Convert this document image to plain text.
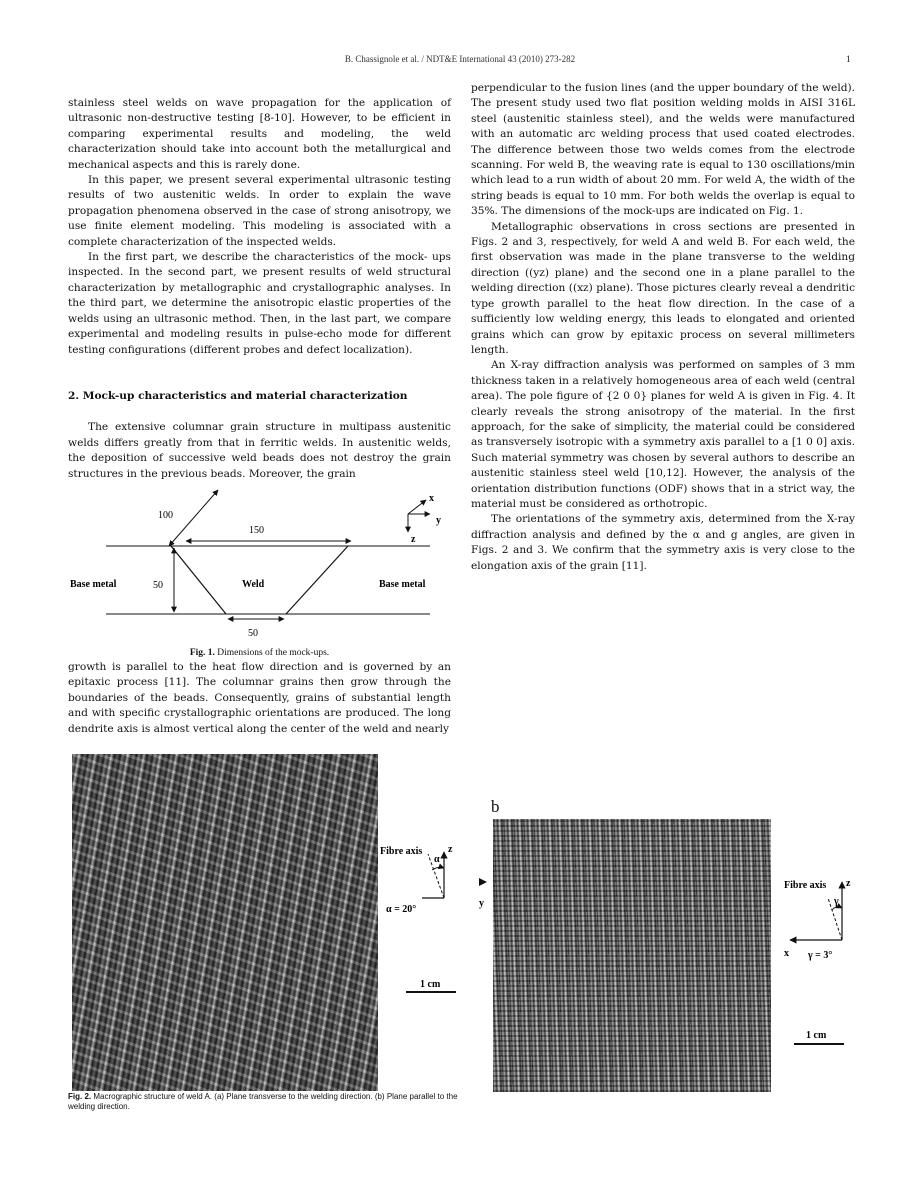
B. Chassignole et al. / NDT&E International 43 (2010) 273-282	1

stainless steel welds on wave propagation for the application of ultrasonic non-destructive testing [8-10]. However, to be efficient in comparing experimental results and modeling, the weld characterization should take into account both the metallurgical and mechanical aspects and this is rarely done.

In this paper, we present several experimental ultrasonic testing results of two austenitic welds. In order to explain the wave propagation phenomena observed in the case of strong anisotropy, we use finite element modeling. This modeling is associated with a complete characterization of the inspected welds.

In the first part, we describe the characteristics of the mock- ups inspected. In the second part, we present results of weld structural characterization by metallographic and crystallographic analyses. In the third part, we determine the anisotropic elastic properties of the welds using an ultrasonic method. Then, in the last part, we compare experimental and modeling results in pulse-echo mode for different testing configurations (different probes and defect localization).

2. Mock-up characteristics and material characterization

The extensive columnar grain structure in multipass austenitic welds differs greatly from that in ferritic welds. In austenitic welds, the deposition of successive weld beads does not destroy the grain structures in the previous beads. Moreover, the grain

100
150
50
50
Base metal	Weld	Base metal
x
y
z
Fig. 1. Dimensions of the mock-ups.

growth is parallel to the heat flow direction and is governed by an epitaxic process [11]. The columnar grains then grow through the boundaries of the beads. Consequently, grains of substantial length and with specific crystallographic orientations are produced. The long dendrite axis is almost vertical along the center of the weld and nearly

perpendicular to the fusion lines (and the upper boundary of the weld). The present study used two flat position welding molds in AISI 316L steel (austenitic stainless steel), and the welds were manufactured with an automatic arc welding process that used coated electrodes. The difference between those two welds comes from the electrode scanning. For weld B, the weaving rate is equal to 130 oscillations/min which lead to a run width of about 20 mm. For weld A, the width of the string beads is equal to 10 mm. For both welds the overlap is equal to 35%. The dimensions of the mock-ups are indicated on Fig. 1.

Metallographic observations in cross sections are presented in Figs. 2 and 3, respectively, for weld A and weld B. For each weld, the first observation was made in the plane transverse to the welding direction ((yz) plane) and the second one in a plane parallel to the welding direction ((xz) plane). Those pictures clearly reveal a dendritic type growth parallel to the heat flow direction. In the case of a sufficiently low welding energy, this leads to elongated and oriented grains which can grow by epitaxic process on several millimeters length.

An X-ray diffraction analysis was performed on samples of 3 mm thickness taken in a relatively homogeneous area of each weld (central area). The pole figure of {2 0 0} planes for weld A is given in Fig. 4. It clearly reveals the strong anisotropy of the material. In the first approach, for the sake of simplicity, the material could be considered as transversely isotropic with a symmetry axis parallel to a [1 0 0] axis. Such material symmetry was chosen by several authors to describe an austenitic stainless steel weld [10,12]. However, the analysis of the orientation distribution functions (ODF) shows that in a strict way, the material must be considered as orthotropic.

The orientations of the symmetry axis, determined from the X-ray diffraction analysis and defined by the α and g angles, are given in Figs. 2 and 3. We confirm that the symmetry axis is very close to the elongation axis of the grain [11].

Fibre axis	z
α
α = 20°
1 cm
b
y
Fibre axis z
γ
x γ = 3°
1 cm
Fig. 2. Macrographic structure of weld A. (a) Plane transverse to the welding direction. (b) Plane parallel to the welding direction.
